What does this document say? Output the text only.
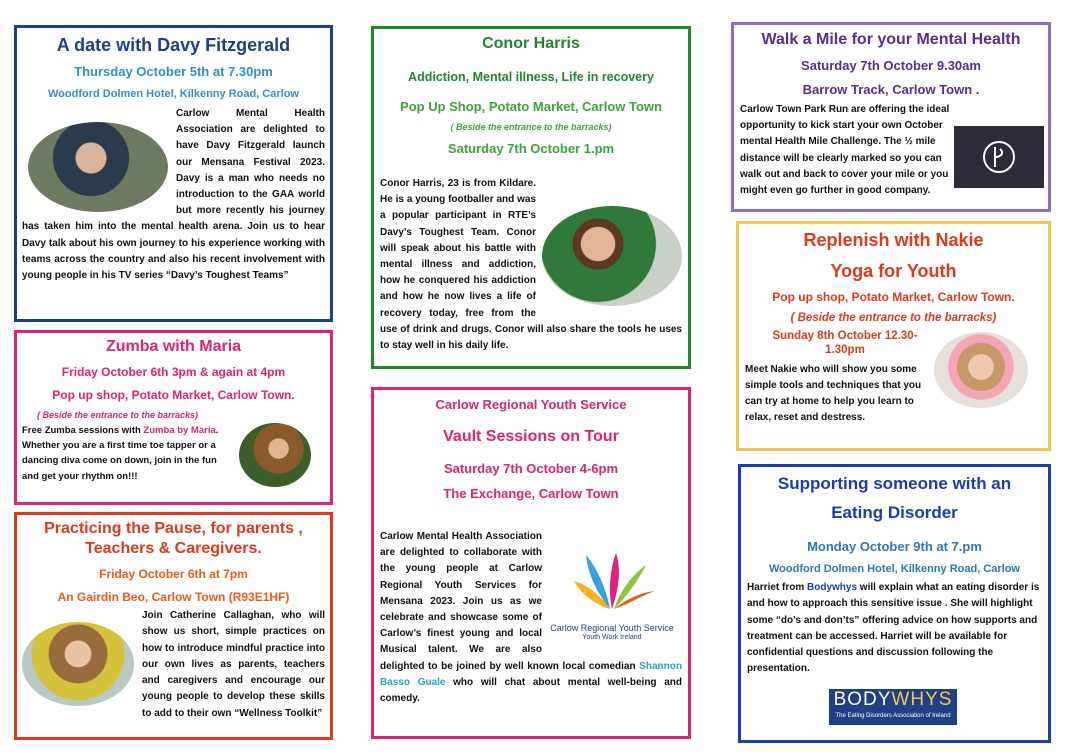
A date with Davy Fitzgerald
Thursday October 5th at 7.30pm
Woodford Dolmen Hotel, Kilkenny Road, Carlow
Carlow Mental Health Association are delighted to have Davy Fitzgerald launch our Mensana Festival 2023. Davy is a man who needs no introduction to the GAA world but more recently his journey has taken him into the mental health arena. Join us to hear Davy talk about his own journey to his experience working with teams across the country and also his recent involvement with young people in his TV series “Davy’s Toughest Teams”
Zumba with Maria
Friday October 6th 3pm & again at 4pm
Pop up shop, Potato Market, Carlow Town.
( Beside the entrance to the barracks)
Free Zumba sessions with Zumba by Maria. Whether you are a first time toe tapper or a dancing diva come on down, join in the fun and get your rhythm on!!!
Practicing the Pause, for parents , Teachers & Caregivers.
Friday October 6th at 7pm
An Gairdin Beo, Carlow Town (R93E1HF)
Join Catherine Callaghan, who will show us short, simple practices on how to introduce mindful practice into our own lives as parents, teachers and caregivers and encourage our young people to develop these skills to add to their own “Wellness Toolkit”
Conor Harris
Addiction, Mental illness, Life in recovery
Pop Up Shop, Potato Market, Carlow Town
( Beside the entrance to the barracks)
Saturday 7th October 1.pm
Conor Harris, 23 is from Kildare. He is a young footballer and was a popular participant in RTE’s Davy’s Toughest Team. Conor will speak about his battle with mental illness and addiction, how he conquered his addiction and how he now lives a life of recovery today, free from the use of drink and drugs. Conor will also share the tools he uses to stay well in his daily life.
Carlow Regional Youth Service
Vault Sessions on Tour
Saturday 7th October 4-6pm
The Exchange, Carlow Town
Carlow Regional Youth Service
Youth Work Ireland
Carlow Mental Health Association are delighted to collaborate with the young people at Carlow Regional Youth Services for Mensana 2023. Join us as we celebrate and showcase some of Carlow’s finest young and local Musical talent. We are also delighted to be joined by well known local comedian Shannon Basso Guale who will chat about mental well-being and comedy.
Walk a Mile for your Mental Health
Saturday 7th October 9.30am
Barrow Track, Carlow Town .
Carlow Town Park Run are offering the ideal opportunity to kick start your own October mental Health Mile Challenge. The ½ mile distance will be clearly marked so you can walk out and back to cover your mile or you might even go further in good company.
Replenish with Nakie
Yoga for Youth
Pop up shop, Potato Market, Carlow Town.
( Beside the entrance to the barracks)
Sunday 8th October 12.30-1.30pm
Meet Nakie who will show you some simple tools and techniques that you can try at home to help you learn to relax, reset and destress.
Supporting someone with an
Eating Disorder
Monday October 9th at 7.pm
Woodford Dolmen Hotel, Kilkenny Road, Carlow
Harriet from Bodywhys will explain what an eating disorder is and how to approach this sensitive issue . She will highlight some “do’s and don’ts” offering advice on how supports and treatment can be accessed. Harriet will be available for confidential questions and discussion following the presentation.
BODYWHYS
The Eating Disorders Association of Ireland
